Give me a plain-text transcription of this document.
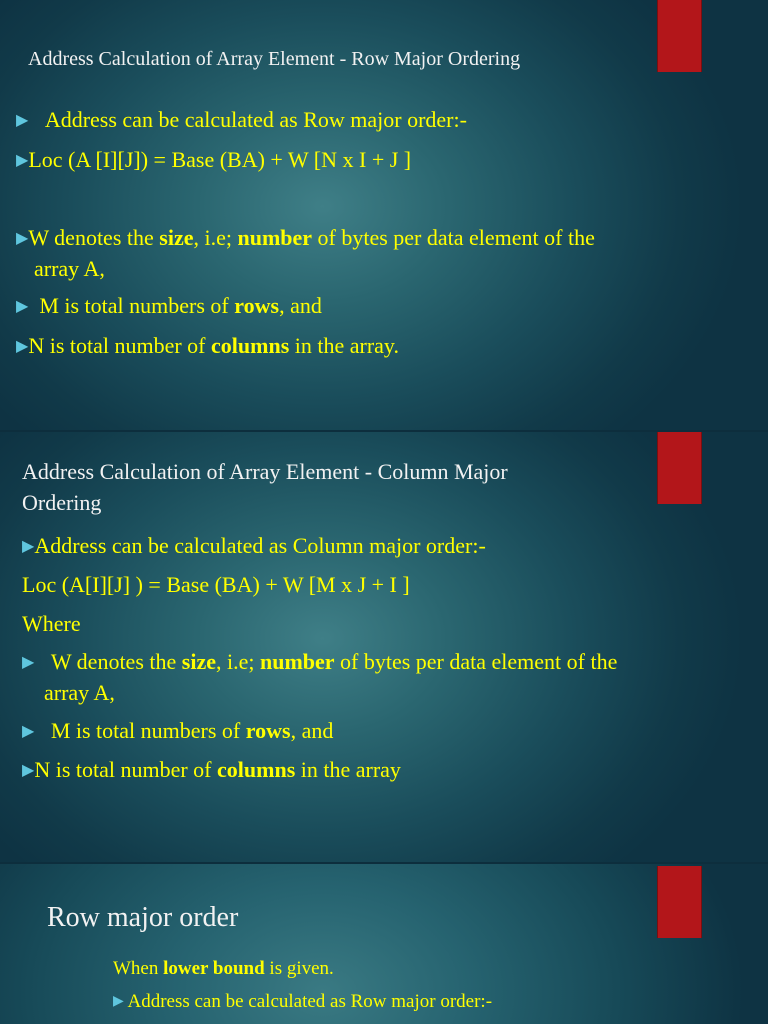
Address Calculation of Array Element - Row Major Ordering
▶ Address can be calculated as Row major order:-
▶Loc (A [I][J]) = Base (BA) + W [N x I + J ]
▶W denotes the size, i.e; number of bytes per data element of the
array A,
▶ M is total numbers of rows, and
▶N is total number of columns in the array.
Address Calculation of Array Element - Column Major
Ordering
▶Address can be calculated as Column major order:-
Loc (A[I][J] ) = Base (BA) + W [M x J + I ]
Where
▶ W denotes the size, i.e; number of bytes per data element of the
array A,
▶ M is total numbers of rows, and
▶N is total number of columns in the array
Row major order
When lower bound is given.
▶ Address can be calculated as Row major order:-
